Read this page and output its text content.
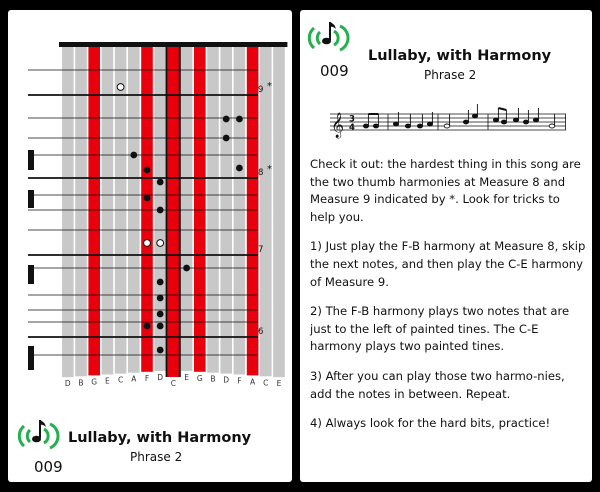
D B G E C A F D
C
E G B D F A C E
9 *
8 *
7
6
Lullaby, with Harmony
Phrase 2
009
009
Lullaby, with Harmony
Phrase 2
𝄞 3
4

Check it out: the hardest thing in this song are the two thumb harmonies at Measure 8 and Measure 9 indicated by *. Look for tricks to help you.

1) Just play the F-B harmony at Measure 8, skip the next notes, and then play the C-E harmony of Measure 9.

2) The F-B harmony plays two notes that are just to the left of painted tines. The C-E harmony plays two painted tines.

3) After you can play those two harmo-nies, add the notes in between. Repeat.

4) Always look for the hard bits, practice!
